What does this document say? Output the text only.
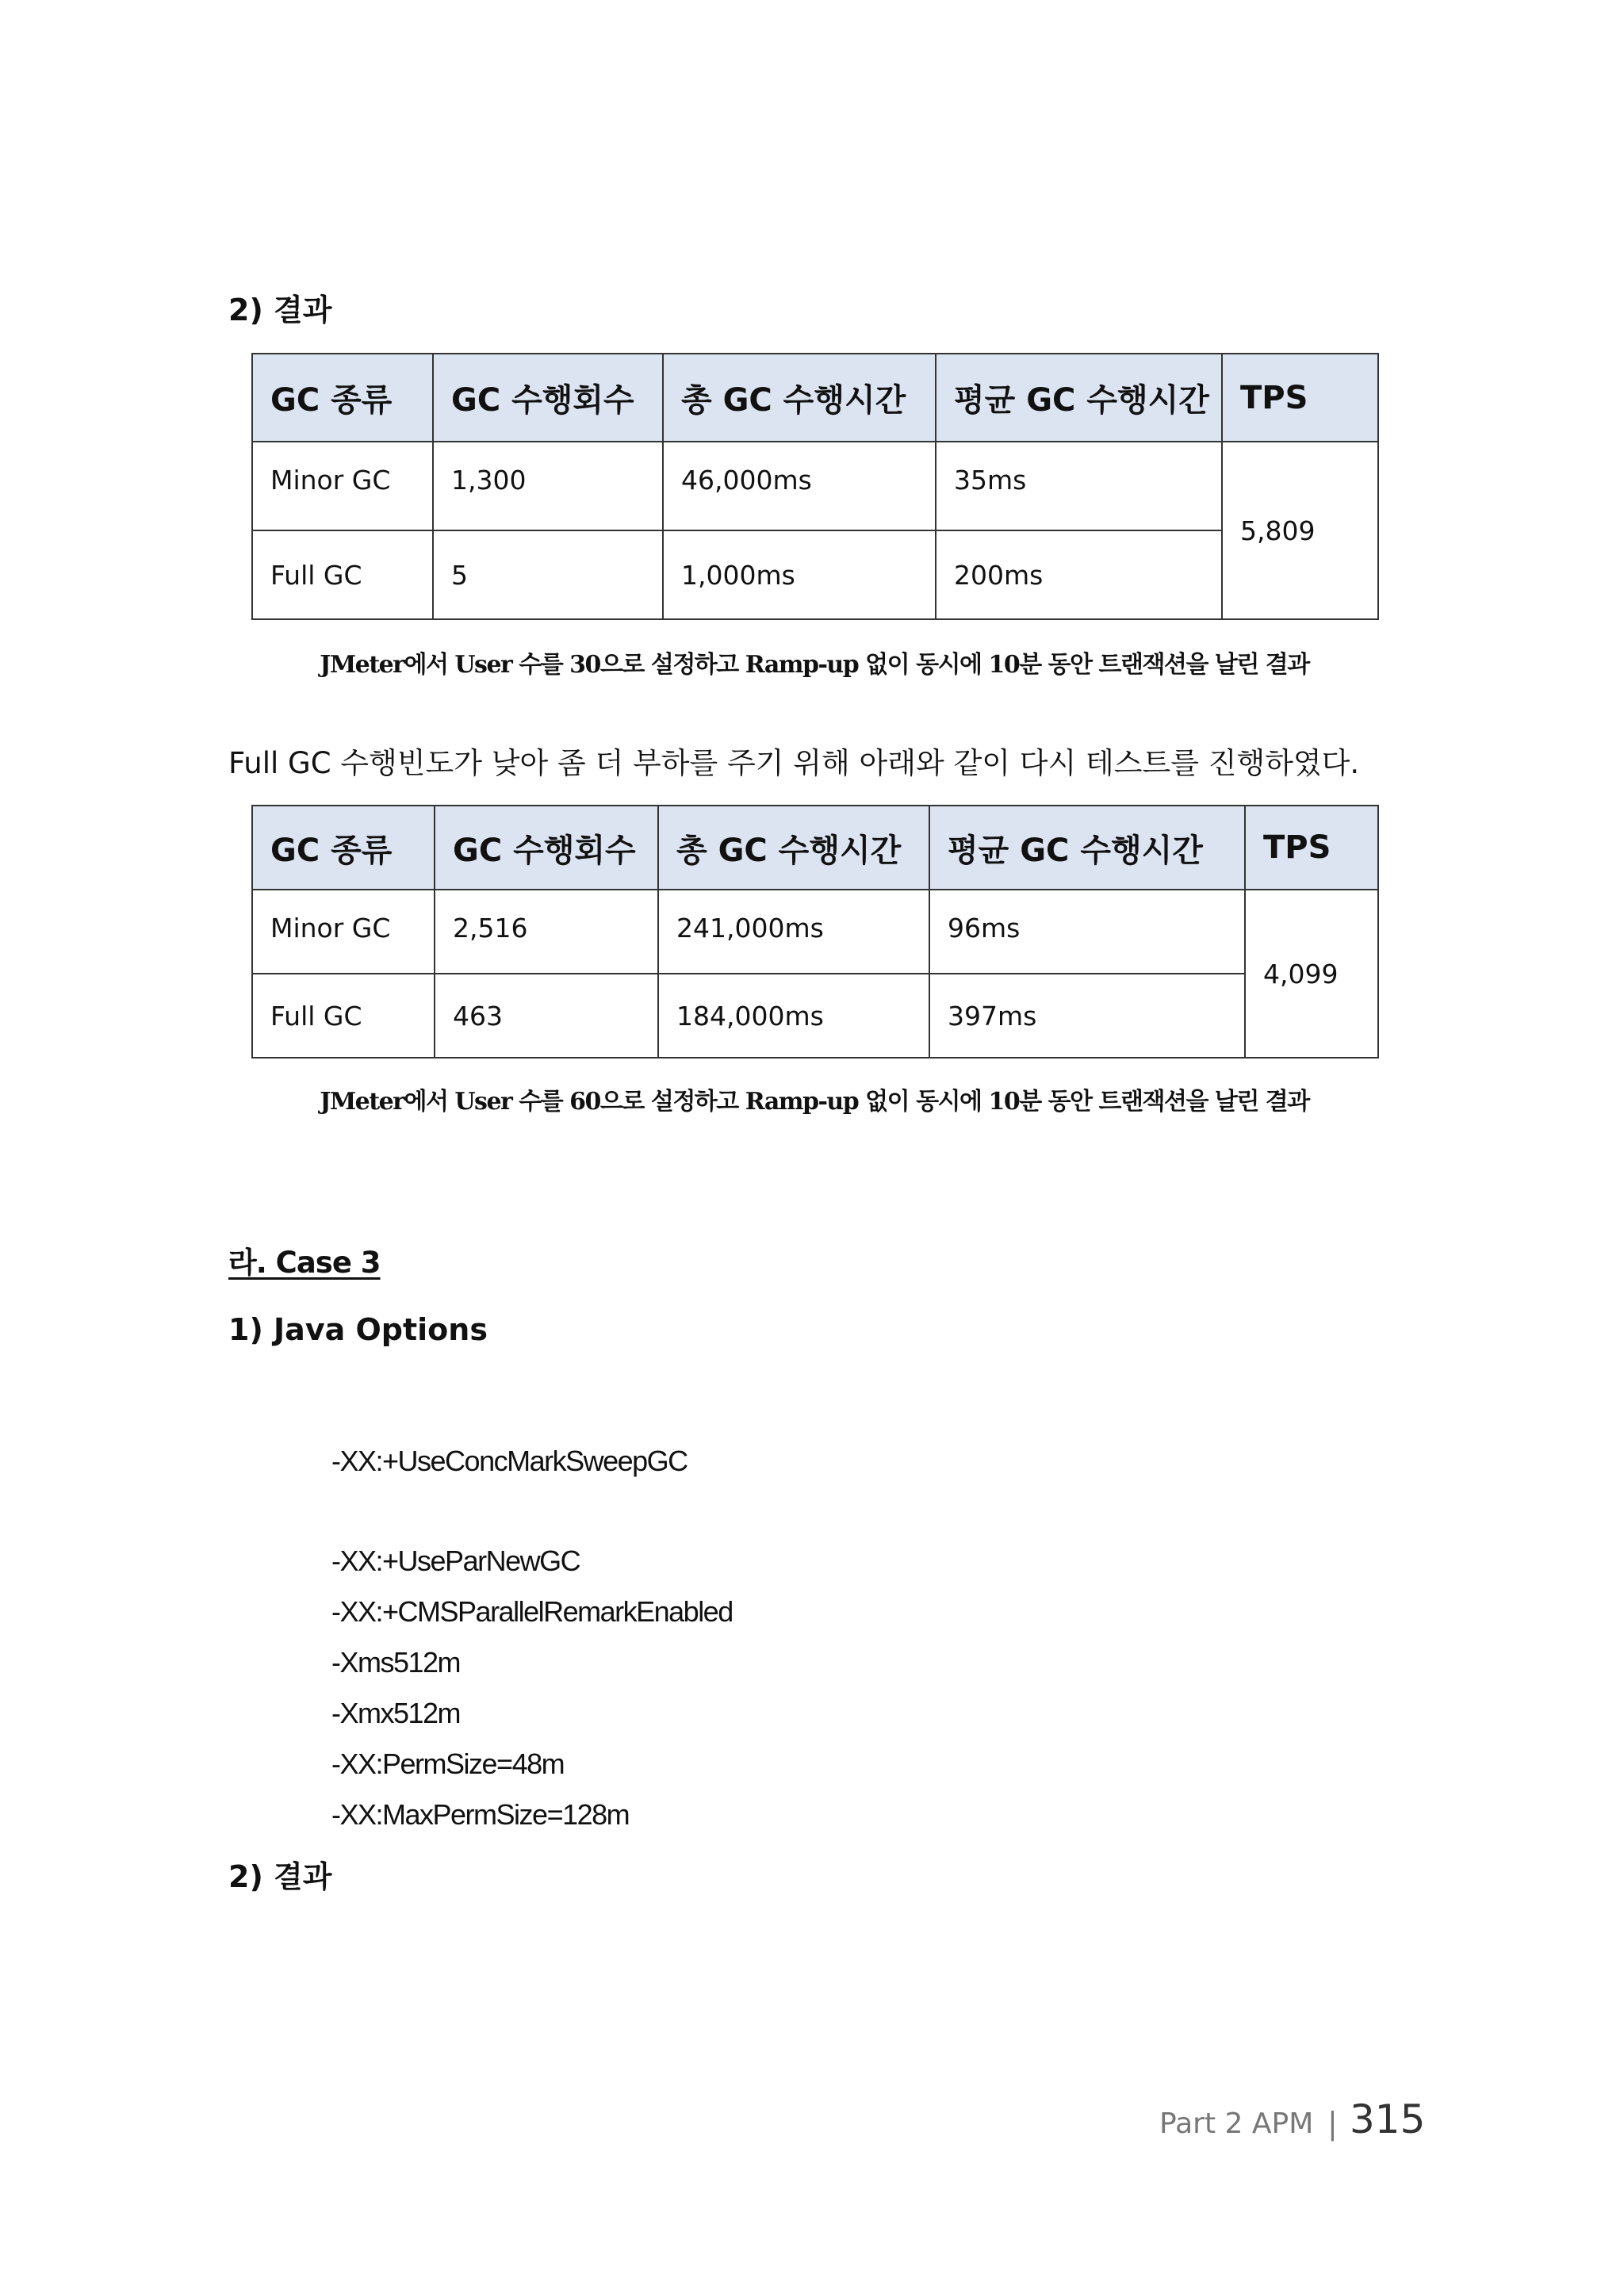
2) 결과
GC 종류	GC 수행회수	총 GC 수행시간	평균 GC 수행시간	TPS
Minor GC	1,300	46,000ms	35ms	5,809
Full GC	5	1,000ms	200ms	
JMeter에서 User 수를 30으로 설정하고 Ramp-up 없이 동시에 10분 동안 트랜잭션을 날린 결과
Full GC 수행빈도가 낮아 좀 더 부하를 주기 위해 아래와 같이 다시 테스트를 진행하였다.
GC 종류	GC 수행회수	총 GC 수행시간	평균 GC 수행시간	TPS
Minor GC	2,516	241,000ms	96ms	4,099
Full GC	463	184,000ms	397ms	
JMeter에서 User 수를 60으로 설정하고 Ramp-up 없이 동시에 10분 동안 트랜잭션을 날린 결과
라. Case 3
1) Java Options
-XX:+UseConcMarkSweepGC
-XX:+UseParNewGC
-XX:+CMSParallelRemarkEnabled
-Xms512m
-Xmx512m
-XX:PermSize=48m
-XX:MaxPermSize=128m
2) 결과
Part 2 APM | 315
